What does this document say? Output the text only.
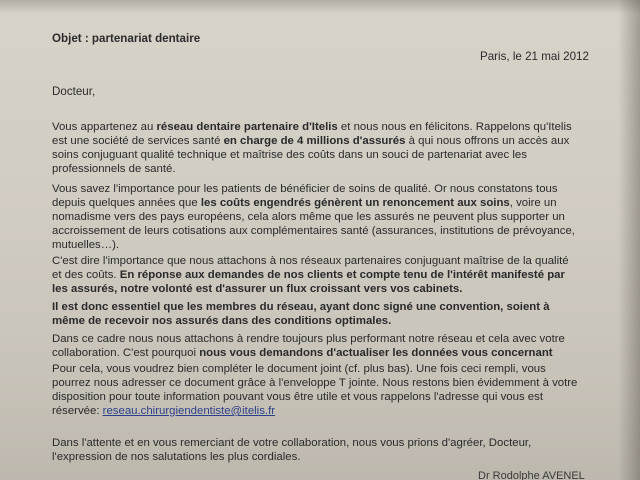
Objet : partenariat dentaire
Paris, le 21 mai 2012
Docteur,
Vous appartenez au réseau dentaire partenaire d'Itelis et nous nous en félicitons. Rappelons qu'Itelis
est une société de services santé en charge de 4 millions d'assurés à qui nous offrons un accès aux
soins conjuguant qualité technique et maîtrise des coûts dans un souci de partenariat avec les
professionnels de santé.
Vous savez l'importance pour les patients de bénéficier de soins de qualité. Or nous constatons tous
depuis quelques années que les coûts engendrés génèrent un renoncement aux soins, voire un
nomadisme vers des pays européens, cela alors même que les assurés ne peuvent plus supporter un
accroissement de leurs cotisations aux complémentaires santé (assurances, institutions de prévoyance,
mutuelles…).
C'est dire l'importance que nous attachons à nos réseaux partenaires conjuguant maîtrise de la qualité
et des coûts. En réponse aux demandes de nos clients et compte tenu de l'intérêt manifesté par
les assurés, notre volonté est d'assurer un flux croissant vers vos cabinets.
Il est donc essentiel que les membres du réseau, ayant donc signé une convention, soient à
même de recevoir nos assurés dans des conditions optimales.
Dans ce cadre nous nous attachons à rendre toujours plus performant notre réseau et cela avec votre
collaboration. C'est pourquoi nous vous demandons d'actualiser les données vous concernant
Pour cela, vous voudrez bien compléter le document joint (cf. plus bas). Une fois ceci rempli, vous
pourrez nous adresser ce document grâce à l'enveloppe T jointe. Nous restons bien évidemment à votre
disposition pour toute information pouvant vous être utile et vous rappelons l'adresse qui vous est
réservée: reseau.chirurgiendentiste@itelis.fr
Dans l'attente et en vous remerciant de votre collaboration, nous vous prions d'agréer, Docteur,
l'expression de nos salutations les plus cordiales.
Dr Rodolphe AVENEL
